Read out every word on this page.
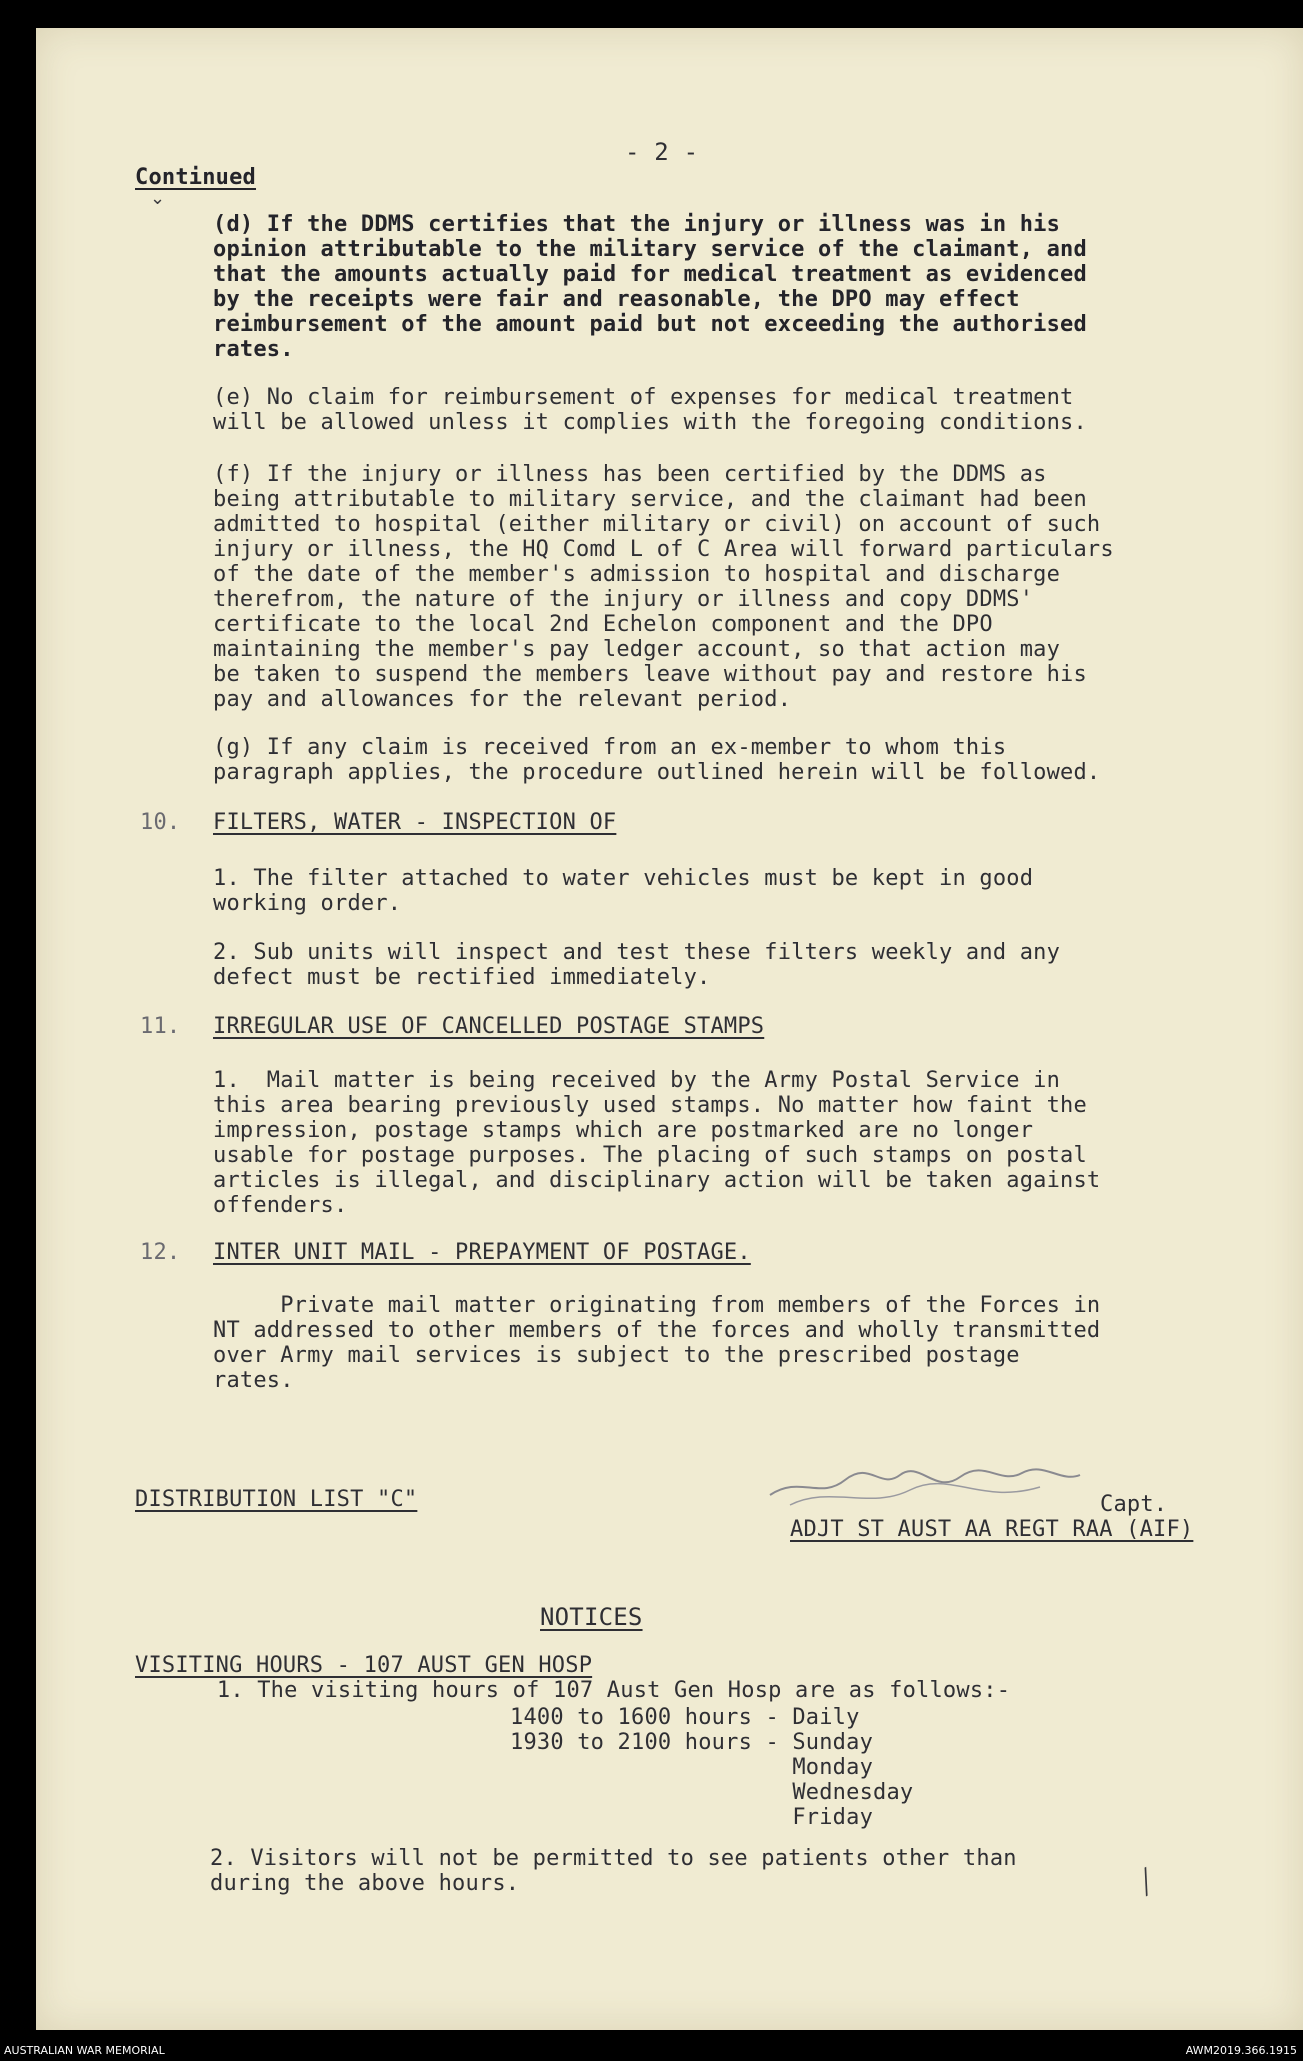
- 2 -
Continued
⌄
(d) If the DDMS certifies that the injury or illness was in his
opinion attributable to the military service of the claimant, and
that the amounts actually paid for medical treatment as evidenced
by the receipts were fair and reasonable, the DPO may effect
reimbursement of the amount paid but not exceeding the authorised
rates.
(e) No claim for reimbursement of expenses for medical treatment
will be allowed unless it complies with the foregoing conditions.
(f) If the injury or illness has been certified by the DDMS as
being attributable to military service, and the claimant had been
admitted to hospital (either military or civil) on account of such
injury or illness, the HQ Comd L of C Area will forward particulars
of the date of the member's admission to hospital and discharge
therefrom, the nature of the injury or illness and copy DDMS'
certificate to the local 2nd Echelon component and the DPO
maintaining the member's pay ledger account, so that action may
be taken to suspend the members leave without pay and restore his
pay and allowances for the relevant period.
(g) If any claim is received from an ex-member to whom this
paragraph applies, the procedure outlined herein will be followed.
10. FILTERS, WATER - INSPECTION OF
1. The filter attached to water vehicles must be kept in good
working order.
2. Sub units will inspect and test these filters weekly and any
defect must be rectified immediately.
11. IRREGULAR USE OF CANCELLED POSTAGE STAMPS
1.  Mail matter is being received by the Army Postal Service in
this area bearing previously used stamps. No matter how faint the
impression, postage stamps which are postmarked are no longer
usable for postage purposes. The placing of such stamps on postal
articles is illegal, and disciplinary action will be taken against
offenders.
12. INTER UNIT MAIL - PREPAYMENT OF POSTAGE.
Private mail matter originating from members of the Forces in
NT addressed to other members of the forces and wholly transmitted
over Army mail services is subject to the prescribed postage
rates.
DISTRIBUTION LIST "C"	Capt.
ADJT ST AUST AA REGT RAA (AIF)
NOTICES
VISITING HOURS - 107 AUST GEN HOSP
1. The visiting hours of 107 Aust Gen Hosp are as follows:-
1400 to 1600 hours - Daily
1930 to 2100 hours - Sunday
Monday
Wednesday
Friday
2. Visitors will not be permitted to see patients other than
during the above hours.	╱
AUSTRALIAN WAR MEMORIAL	AWM2019.366.1915
